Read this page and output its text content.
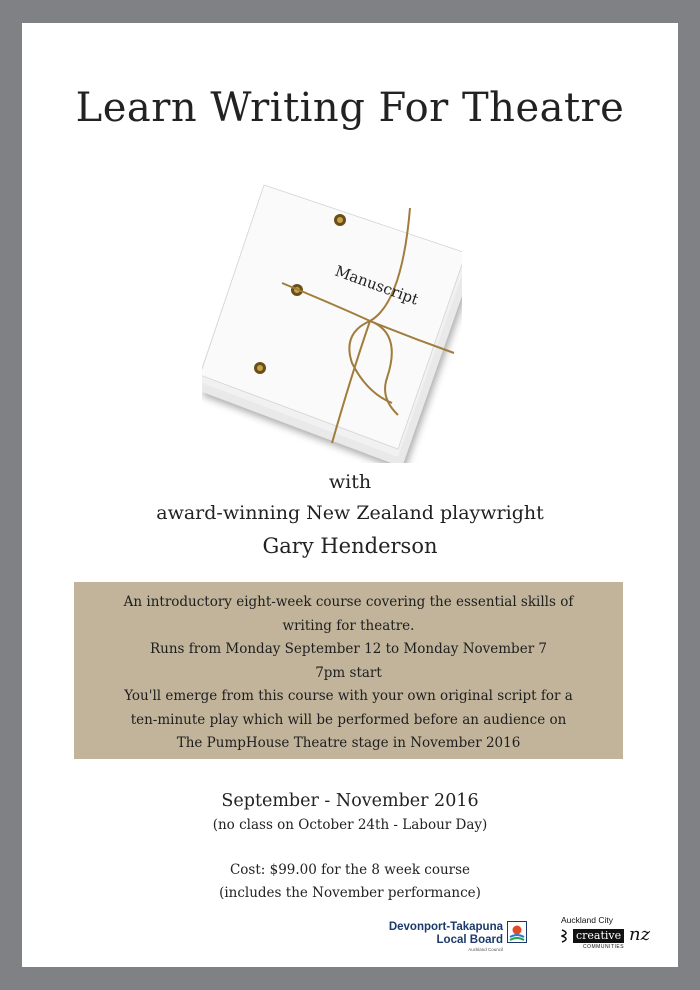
Learn Writing For Theatre
Manuscript
with
award-winning New Zealand playwright
Gary Henderson
An introductory eight-week course covering the essential skills of
writing for theatre.
Runs from Monday September 12 to Monday November 7
7pm start
You'll emerge from this course with your own original script for a
ten-minute play which will be performed before an audience on
The PumpHouse Theatre stage in November 2016
September - November 2016
(no class on October 24th - Labour Day)
Cost: $99.00 for the 8 week course
(includes the November performance)
Devonport-Takapuna
Local Board
Auckland Council
Auckland City
creative nz
COMMUNITIES
